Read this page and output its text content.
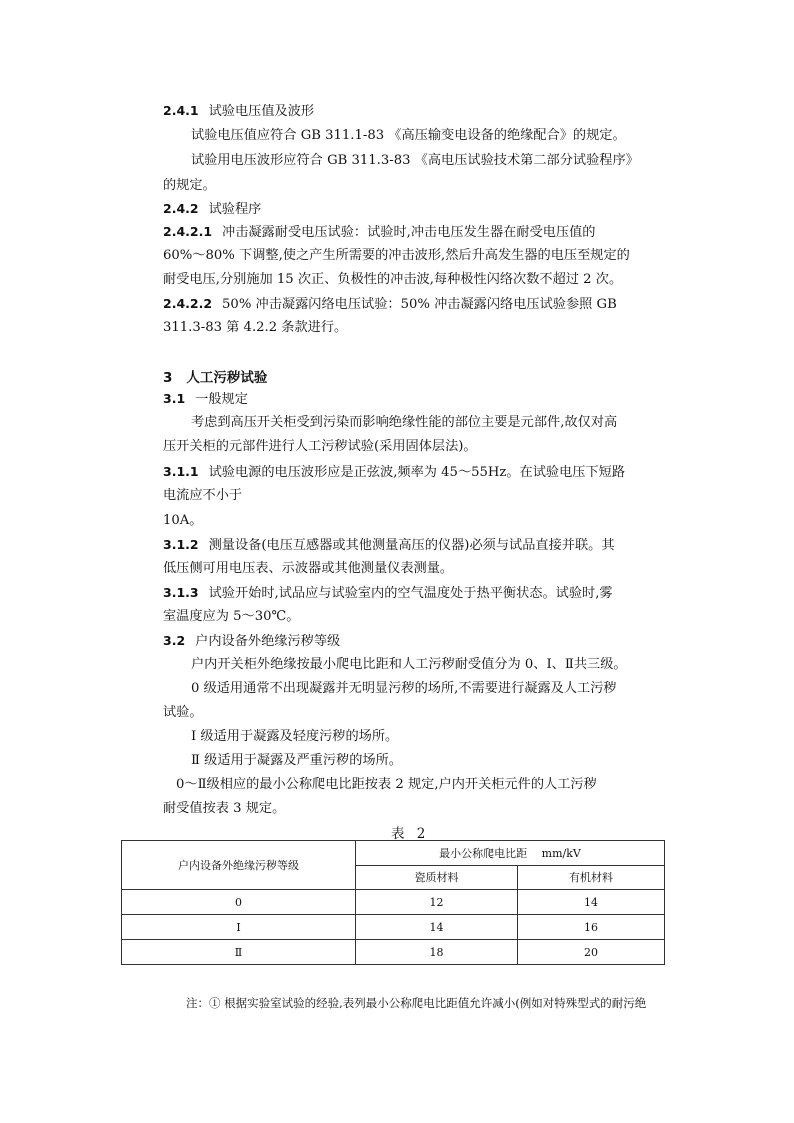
2.4.1 试验电压值及波形
试验电压值应符合 GB 311.1-83 《高压输变电设备的绝缘配合》的规定。
试验用电压波形应符合 GB 311.3-83 《高电压试验技术第二部分试验程序》
的规定。
2.4.2 试验程序
2.4.2.1 冲击凝露耐受电压试验：试验时,冲击电压发生器在耐受电压值的
60%～80% 下调整,使之产生所需要的冲击波形,然后升高发生器的电压至规定的
耐受电压,分别施加 15 次正、负极性的冲击波,每种极性闪络次数不超过 2 次。
2.4.2.2 50% 冲击凝露闪络电压试验：50% 冲击凝露闪络电压试验参照 GB
311.3-83 第 4.2.2 条款进行。
3 人工污秽试验
3.1 一般规定
考虑到高压开关柜受到污染而影响绝缘性能的部位主要是元部件,故仅对高
压开关柜的元部件进行人工污秽试验(采用固体层法)。
3.1.1 试验电源的电压波形应是正弦波,频率为 45～55Hz。在试验电压下短路
电流应不小于
10A。
3.1.2 测量设备(电压互感器或其他测量高压的仪器)必须与试品直接并联。其
低压侧可用电压表、示波器或其他测量仪表测量。
3.1.3 试验开始时,试品应与试验室内的空气温度处于热平衡状态。试验时,雾
室温度应为 5～30℃。
3.2 户内设备外绝缘污秽等级
户内开关柜外绝缘按最小爬电比距和人工污秽耐受值分为 0、I、Ⅱ共三级。
0 级适用通常不出现凝露并无明显污秽的场所,不需要进行凝露及人工污秽
试验。
I 级适用于凝露及轻度污秽的场所。
Ⅱ 级适用于凝露及严重污秽的场所。
0～Ⅱ级相应的最小公称爬电比距按表 2 规定,户内开关柜元件的人工污秽
耐受值按表 3 规定。
表 2
户内设备外绝缘污秽等级	最小公称爬电比距　 mm/kV	
	瓷质材料	有机材料
0	12	14
I	14	16
Ⅱ	18	20
注：① 根据实验室试验的经验,表列最小公称爬电比距值允许减小(例如对特殊型式的耐污绝
